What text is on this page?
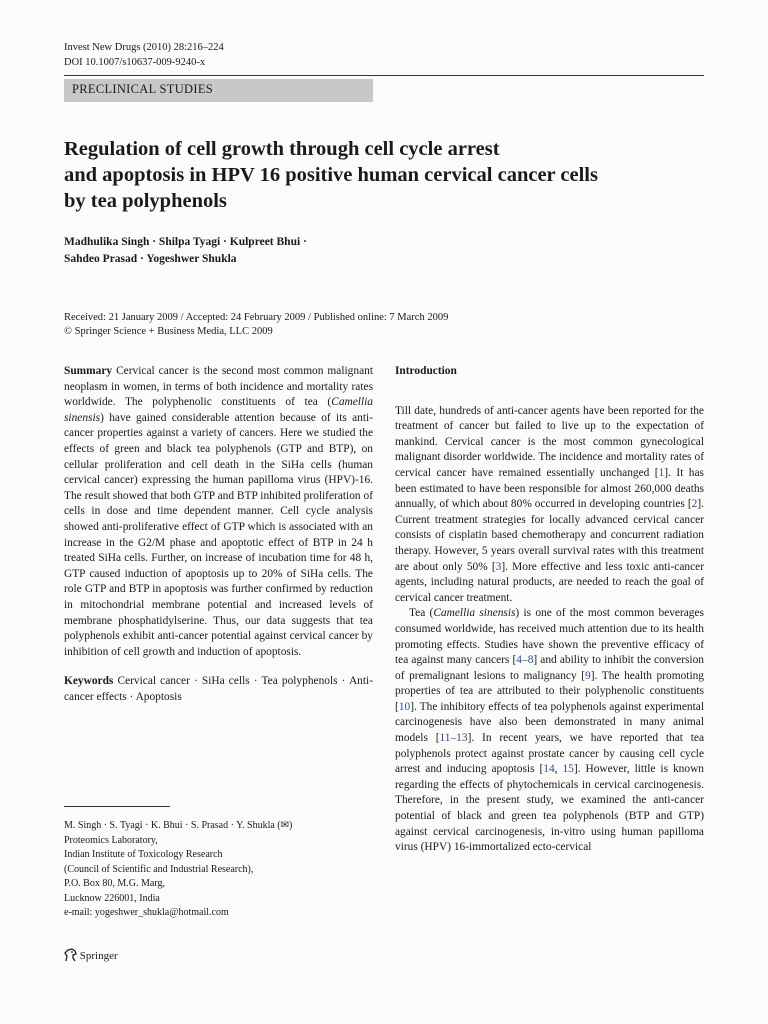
Invest New Drugs (2010) 28:216–224
DOI 10.1007/s10637-009-9240-x
PRECLINICAL STUDIES
Regulation of cell growth through cell cycle arrest
and apoptosis in HPV 16 positive human cervical cancer cells
by tea polyphenols
Madhulika Singh · Shilpa Tyagi · Kulpreet Bhui ·
Sahdeo Prasad · Yogeshwer Shukla
Received: 21 January 2009 / Accepted: 24 February 2009 / Published online: 7 March 2009
© Springer Science + Business Media, LLC 2009

Summary Cervical cancer is the second most common malignant neoplasm in women, in terms of both incidence and mortality rates worldwide. The polyphenolic constituents of tea (Camellia sinensis) have gained considerable attention because of its anti-cancer properties against a variety of cancers. Here we studied the effects of green and black tea polyphenols (GTP and BTP), on cellular proliferation and cell death in the SiHa cells (human cervical cancer) expressing the human papilloma virus (HPV)-16. The result showed that both GTP and BTP inhibited proliferation of cells in dose and time dependent manner. Cell cycle analysis showed anti-proliferative effect of GTP which is associated with an increase in the G2/M phase and apoptotic effect of BTP in 24 h treated SiHa cells. Further, on increase of incubation time for 48 h, GTP caused induction of apoptosis up to 20% of SiHa cells. The role GTP and BTP in apoptosis was further confirmed by reduction in mitochondrial membrane potential and increased levels of membrane phosphatidylserine. Thus, our data suggests that tea polyphenols exhibit anti-cancer potential against cervical cancer by inhibition of cell growth and induction of apoptosis.

Keywords Cervical cancer · SiHa cells · Tea polyphenols · Anti-cancer effects · Apoptosis

M. Singh · S. Tyagi · K. Bhui · S. Prasad · Y. Shukla (✉)
Proteomics Laboratory,
Indian Institute of Toxicology Research
(Council of Scientific and Industrial Research),
P.O. Box 80, M.G. Marg,
Lucknow 226001, India
e-mail: yogeshwer_shukla@hotmail.com

Introduction

Till date, hundreds of anti-cancer agents have been reported for the treatment of cancer but failed to live up to the expectation of mankind. Cervical cancer is the most common gynecological malignant disorder worldwide. The incidence and mortality rates of cervical cancer have remained essentially unchanged [1]. It has been estimated to have been responsible for almost 260,000 deaths annually, of which about 80% occurred in developing countries [2]. Current treatment strategies for locally advanced cervical cancer consists of cisplatin based chemotherapy and concurrent radiation therapy. However, 5 years overall survival rates with this treatment are about only 50% [3]. More effective and less toxic anti-cancer agents, including natural products, are needed to reach the goal of cervical cancer treatment.

Tea (Camellia sinensis) is one of the most common beverages consumed worldwide, has received much attention due to its health promoting effects. Studies have shown the preventive efficacy of tea against many cancers [4–8] and ability to inhibit the conversion of premalignant lesions to malignancy [9]. The health promoting properties of tea are attributed to their polyphenolic constituents [10]. The inhibitory effects of tea polyphenols against experimental carcinogenesis have also been demonstrated in many animal models [11–13]. In recent years, we have reported that tea polyphenols protect against prostate cancer by causing cell cycle arrest and inducing apoptosis [14, 15]. However, little is known regarding the effects of phytochemicals in cervical carcinogenesis. Therefore, in the present study, we examined the anti-cancer potential of black and green tea polyphenols (BTP and GTP) against cervical carcinogenesis, in-vitro using human papilloma virus (HPV) 16-immortalized ecto-cervical

Springer
